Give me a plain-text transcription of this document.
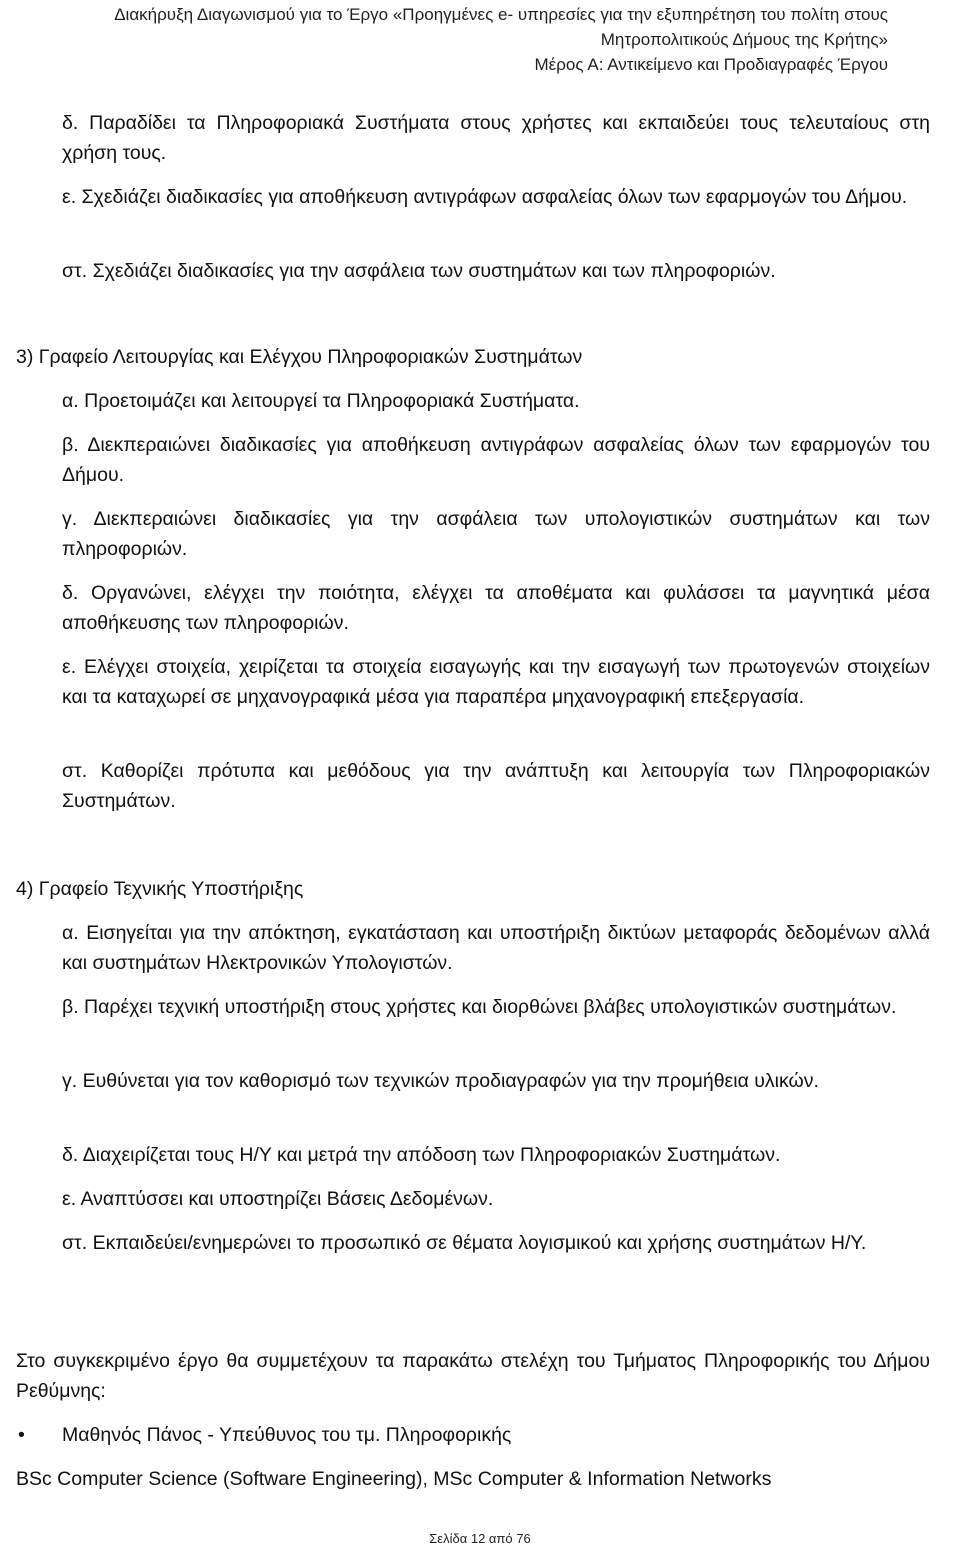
Διακήρυξη Διαγωνισμού για το Έργο «Προηγμένες e- υπηρεσίες για την εξυπηρέτηση του πολίτη στους
Μητροπολιτικούς Δήμους της Κρήτης»
Μέρος Α: Αντικείμενο και Προδιαγραφές Έργου
δ. Παραδίδει τα Πληροφοριακά Συστήματα στους χρήστες και εκπαιδεύει τους τελευταίους στη χρήση τους.
ε. Σχεδιάζει διαδικασίες για αποθήκευση αντιγράφων ασφαλείας όλων των εφαρμογών του Δήμου.
στ. Σχεδιάζει διαδικασίες για την ασφάλεια των συστημάτων και των πληροφοριών.
3) Γραφείο Λειτουργίας και Ελέγχου Πληροφοριακών Συστημάτων
α. Προετοιμάζει και λειτουργεί τα Πληροφοριακά Συστήματα.
β. Διεκπεραιώνει διαδικασίες για αποθήκευση αντιγράφων ασφαλείας όλων των εφαρμογών του Δήμου.
γ. Διεκπεραιώνει διαδικασίες για την ασφάλεια των υπολογιστικών συστημάτων και των πληροφοριών.
δ. Οργανώνει, ελέγχει την ποιότητα, ελέγχει τα αποθέματα και φυλάσσει τα μαγνητικά μέσα αποθήκευσης των πληροφοριών.
ε. Ελέγχει στοιχεία, χειρίζεται τα στοιχεία εισαγωγής και την εισαγωγή των πρωτογενών στοιχείων και τα καταχωρεί σε μηχανογραφικά μέσα για παραπέρα μηχανογραφική επεξεργασία.
στ. Καθορίζει πρότυπα και μεθόδους για την ανάπτυξη και λειτουργία των Πληροφοριακών Συστημάτων.
4) Γραφείο Τεχνικής Υποστήριξης
α. Εισηγείται για την απόκτηση, εγκατάσταση και υποστήριξη δικτύων μεταφοράς δεδομένων αλλά και συστημάτων Ηλεκτρονικών Υπολογιστών.
β. Παρέχει τεχνική υποστήριξη στους χρήστες και διορθώνει βλάβες υπολογιστικών συστημάτων.
γ. Ευθύνεται για τον καθορισμό των τεχνικών προδιαγραφών για την προμήθεια υλικών.
δ. Διαχειρίζεται τους Η/Υ και μετρά την απόδοση των Πληροφοριακών Συστημάτων.
ε. Αναπτύσσει και υποστηρίζει Βάσεις Δεδομένων.
στ. Εκπαιδεύει/ενημερώνει το προσωπικό σε θέματα λογισμικού και χρήσης συστημάτων Η/Υ.
Στο συγκεκριμένο έργο θα συμμετέχουν τα παρακάτω στελέχη του Τμήματος Πληροφορικής του Δήμου Ρεθύμνης:
• Μαθηνός Πάνος - Υπεύθυνος του τμ. Πληροφορικής
BSc Computer Science (Software Engineering), MSc Computer & Information Networks
Σελίδα 12 από 76
